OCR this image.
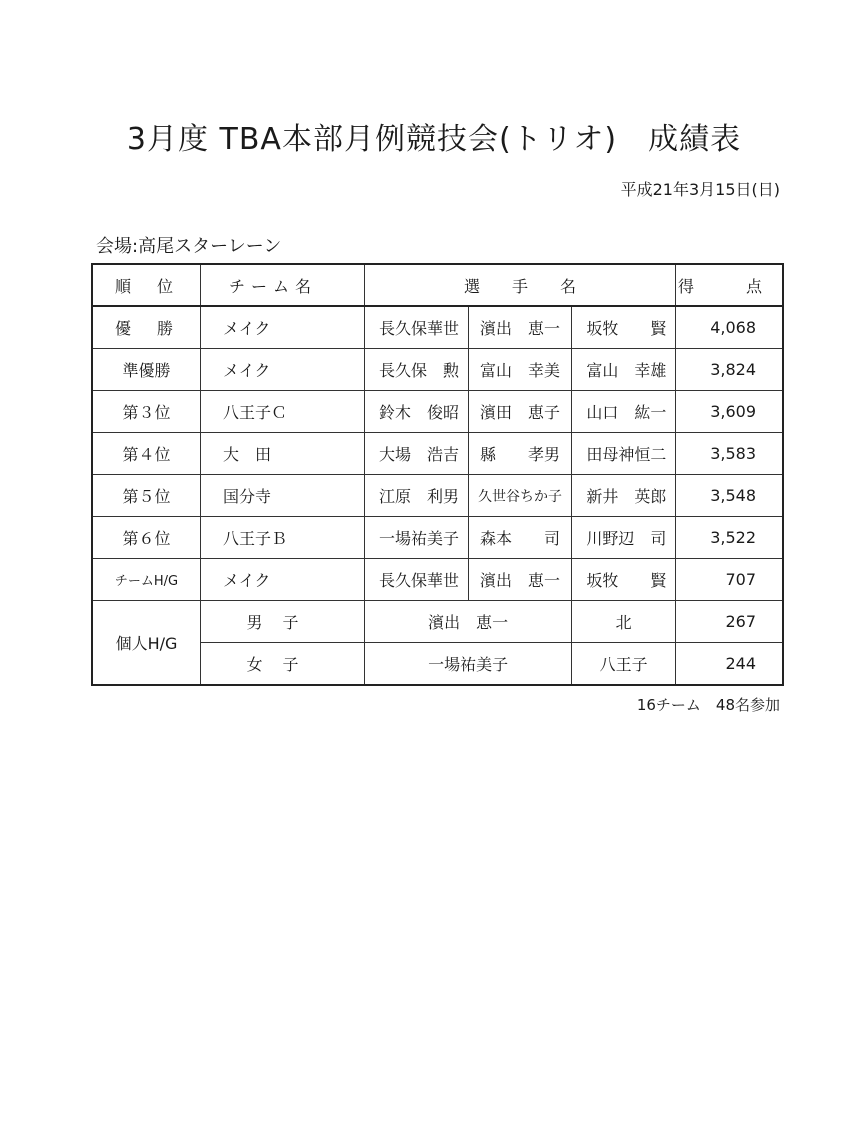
3月度 TBA本部月例競技会(トリオ)　成績表
平成21年3月15日(日)
会場:高尾スターレーン
順　位	チーム名	選　　手　　名			得　点
優　勝	メイク	長久保華世	濱出　恵一	坂牧　　賢	4,068
準優勝	メイク	長久保　勲	富山　幸美	富山　幸雄	3,824
第３位	八王子Ｃ	鈴木　俊昭	濱田　恵子	山口　紘一	3,609
第４位	大　田	大場　浩吉	縣　　孝男	田母神恒二	3,583
第５位	国分寺	江原　利男	久世谷ちか子	新井　英郎	3,548
第６位	八王子Ｂ	一場祐美子	森本　　司	川野辺　司	3,522
チームH/G	メイク	長久保華世	濱出　恵一	坂牧　　賢	707
個人H/G	男子	濱出　恵一		北	267
	女子	一場祐美子		八王子	244
16チーム　48名参加
